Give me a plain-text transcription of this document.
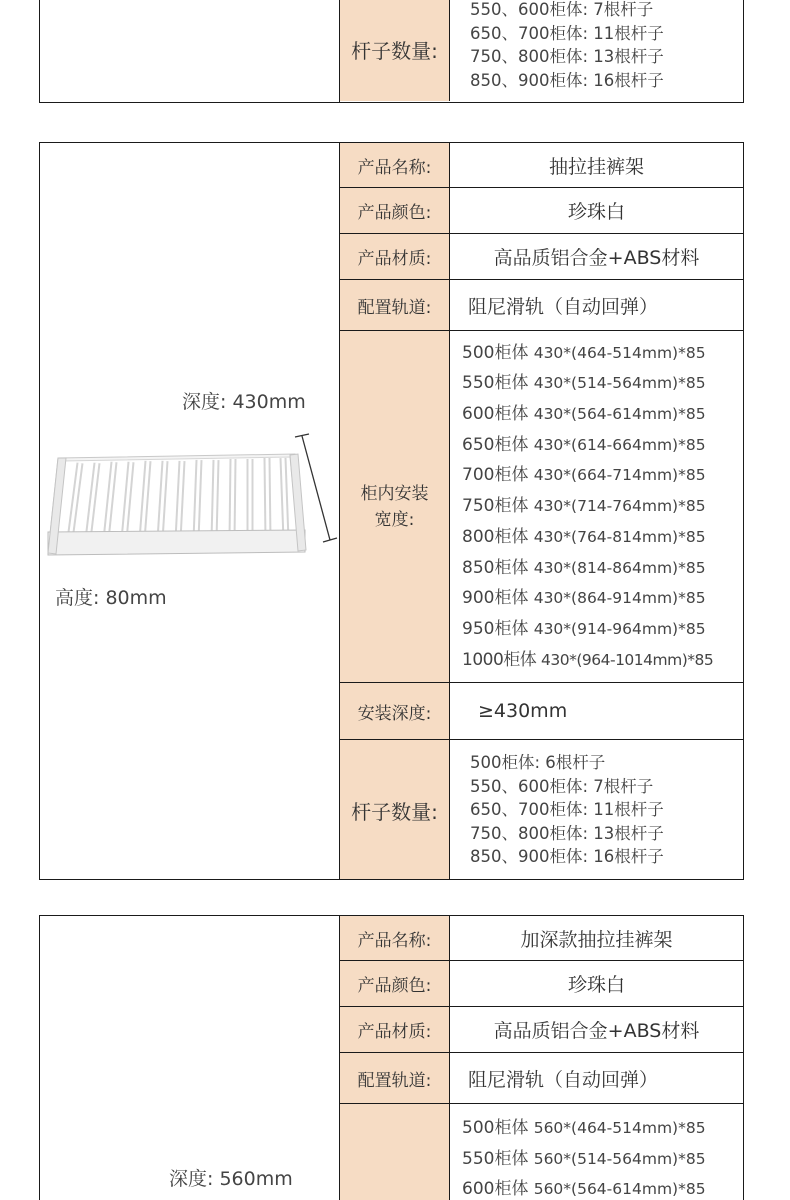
杆子数量:
550、600柜体: 7根杆子
650、700柜体: 11根杆子
750、800柜体: 13根杆子
850、900柜体: 16根杆子
深度: 430mm
高度: 80mm
产品名称:	抽拉挂裤架
产品颜色:	珍珠白
产品材质:	高品质铝合金+ABS材料
配置轨道:	阻尼滑轨（自动回弹）
柜内安装
宽度:
500柜体 430*(464-514mm)*85
550柜体 430*(514-564mm)*85
600柜体 430*(564-614mm)*85
650柜体 430*(614-664mm)*85
700柜体 430*(664-714mm)*85
750柜体 430*(714-764mm)*85
800柜体 430*(764-814mm)*85
850柜体 430*(814-864mm)*85
900柜体 430*(864-914mm)*85
950柜体 430*(914-964mm)*85
1000柜体 430*(964-1014mm)*85
安装深度:	≥430mm
杆子数量:
500柜体: 6根杆子
550、600柜体: 7根杆子
650、700柜体: 11根杆子
750、800柜体: 13根杆子
850、900柜体: 16根杆子
深度: 560mm
产品名称:	加深款抽拉挂裤架
产品颜色:	珍珠白
产品材质:	高品质铝合金+ABS材料
配置轨道:	阻尼滑轨（自动回弹）
500柜体 560*(464-514mm)*85
550柜体 560*(514-564mm)*85
600柜体 560*(564-614mm)*85
